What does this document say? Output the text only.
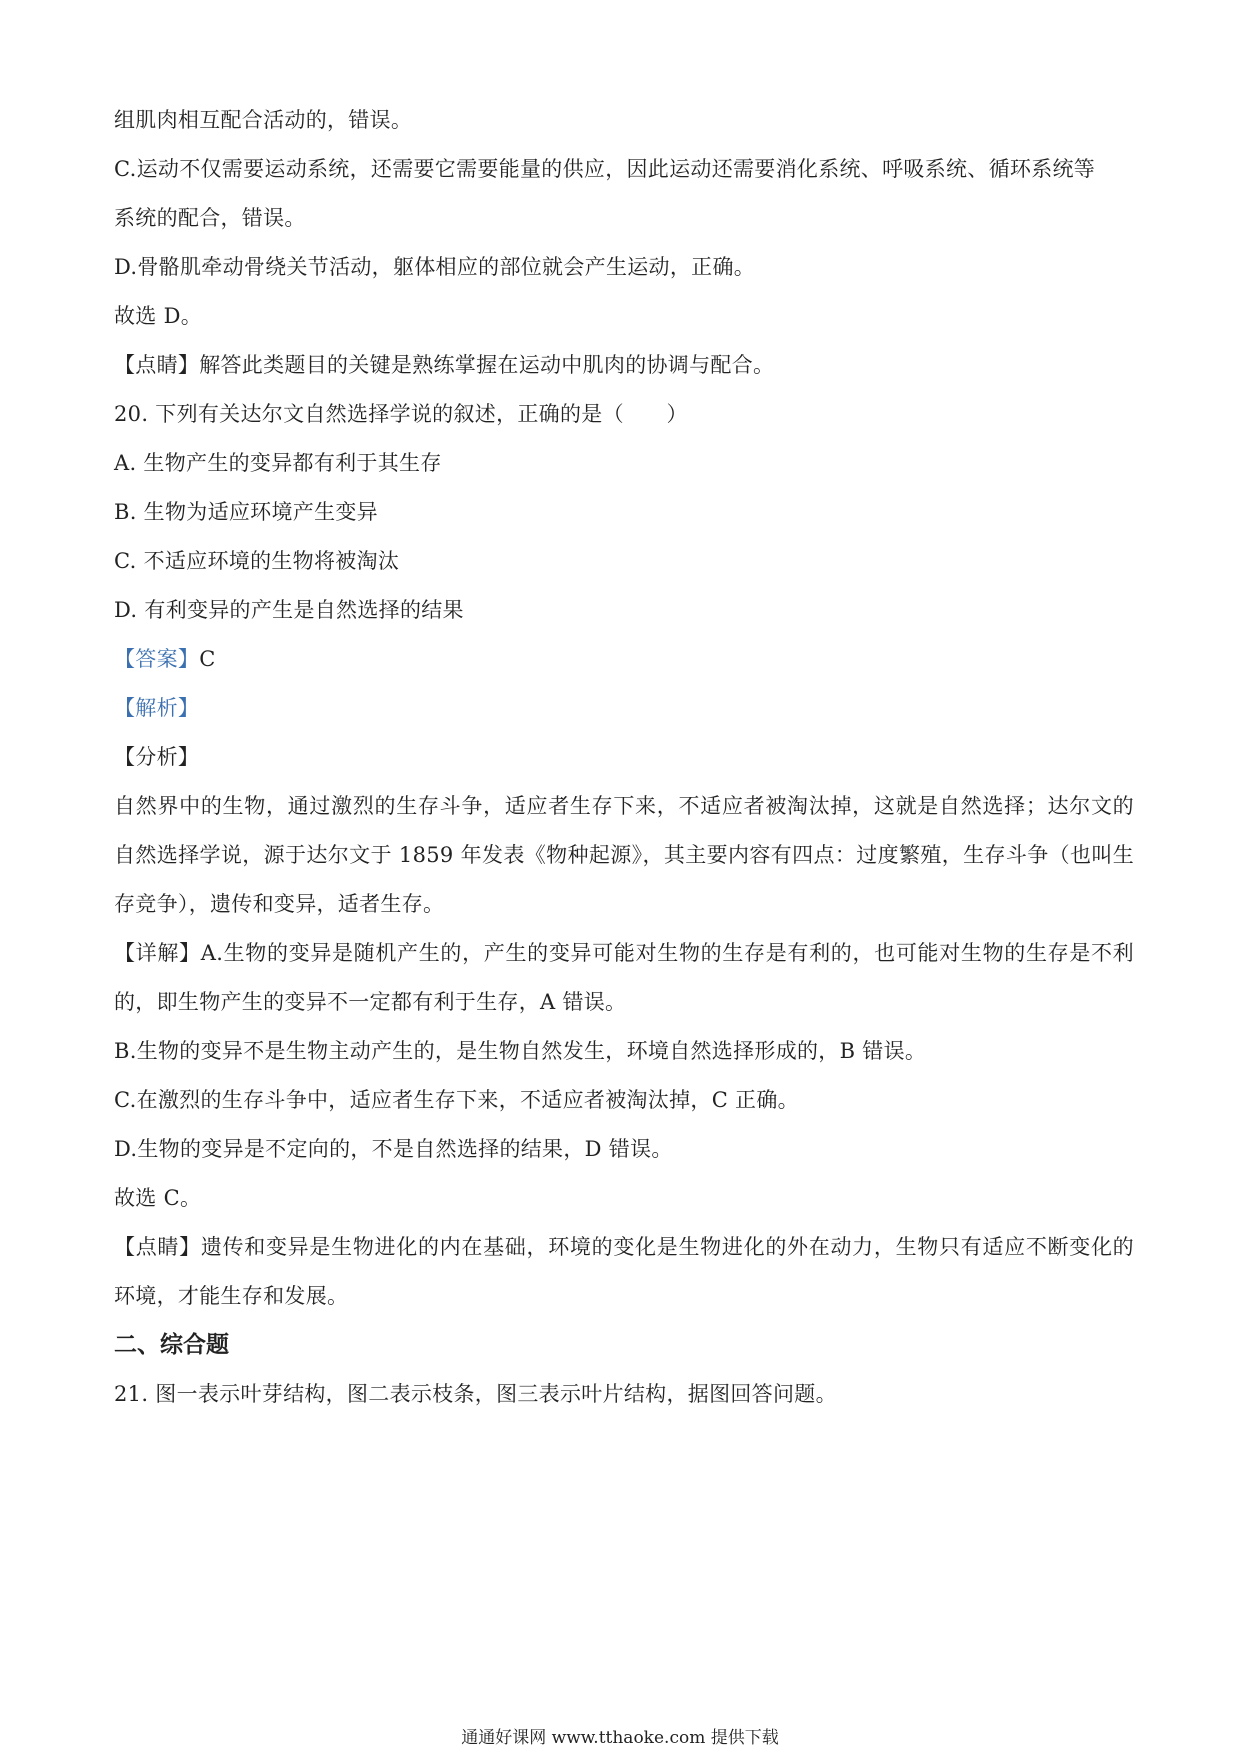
组肌肉相互配合活动的，错误。
C.运动不仅需要运动系统，还需要它需要能量的供应，因此运动还需要消化系统、呼吸系统、循环系统等
系统的配合，错误。
D.骨骼肌牵动骨绕关节活动，躯体相应的部位就会产生运动，正确。
故选 D。
【点睛】解答此类题目的关键是熟练掌握在运动中肌肉的协调与配合。
20. 下列有关达尔文自然选择学说的叙述，正确的是（　　）
A. 生物产生的变异都有利于其生存
B. 生物为适应环境产生变异
C. 不适应环境的生物将被淘汰
D. 有利变异的产生是自然选择的结果
【答案】C
【解析】
【分析】
自然界中的生物，通过激烈的生存斗争，适应者生存下来，不适应者被淘汰掉，这就是自然选择；达尔文的自然选择学说，源于达尔文于 1859 年发表《物种起源》，其主要内容有四点：过度繁殖，生存斗争（也叫生存竞争），遗传和变异，适者生存。
【详解】A.生物的变异是随机产生的，产生的变异可能对生物的生存是有利的，也可能对生物的生存是不利的，即生物产生的变异不一定都有利于生存，A 错误。
B.生物的变异不是生物主动产生的，是生物自然发生，环境自然选择形成的，B 错误。
C.在激烈的生存斗争中，适应者生存下来，不适应者被淘汰掉，C 正确。
D.生物的变异是不定向的，不是自然选择的结果，D 错误。
故选 C。
【点睛】遗传和变异是生物进化的内在基础，环境的变化是生物进化的外在动力，生物只有适应不断变化的环境，才能生存和发展。
二、综合题
21. 图一表示叶芽结构，图二表示枝条，图三表示叶片结构，据图回答问题。
通通好课网 www.tthaoke.com 提供下载
